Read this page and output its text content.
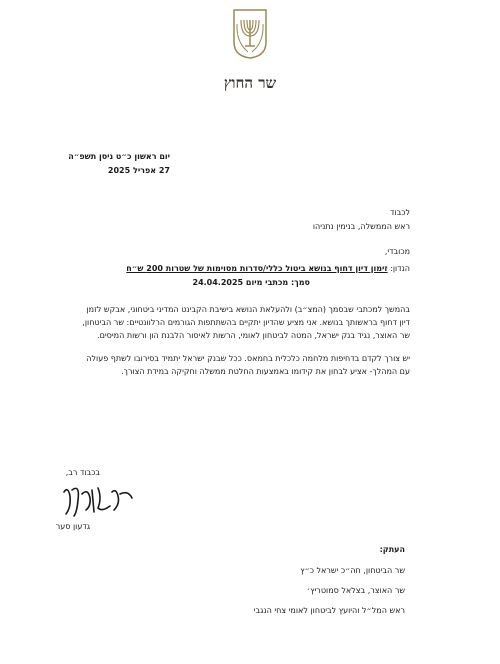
שר החוץ
יום ראשון כ״ט ניסן תשפ״ה
27 אפריל 2025
לכבוד
ראש הממשלה, בנימין נתניהו
מכובדי,
הנדון: זימון דיון דחוף בנושא ביטול כללי/סדרות מסוימות של שטרות 200 ש״ח
סמך: מכתבי מיום 24.04.2025
בהמשך למכתבי שבסמך (המצ״ב) ולהעלאת הנושא בישיבת הקבינט המדיני ביטחוני, אבקש לזמן דיון דחוף בראשותך בנושא. אני מציע שהדיון יתקיים בהשתתפות הגורמים הרלוונטיים: שר הביטחון, שר האוצר, נגיד בנק ישראל, המטה לביטחון לאומי, הרשות לאיסור הלבנת הון ורשות המיסים.
יש צורך לקדם בדחיפות מלחמה כלכלית בחמאס. ככל שבנק ישראל יתמיד בסירובו לשתף פעולה עם המהלך- אציע לבחון את קידומו באמצעות החלטת ממשלה וחקיקה במידת הצורך.
בכבוד רב,
גדעון סער
העתק:
שר הביטחון, חה״כ ישראל כ״ץ
שר האוצר, בצלאל סמוטריץ׳
ראש המל״ל והיועץ לביטחון לאומי צחי הנגבי
